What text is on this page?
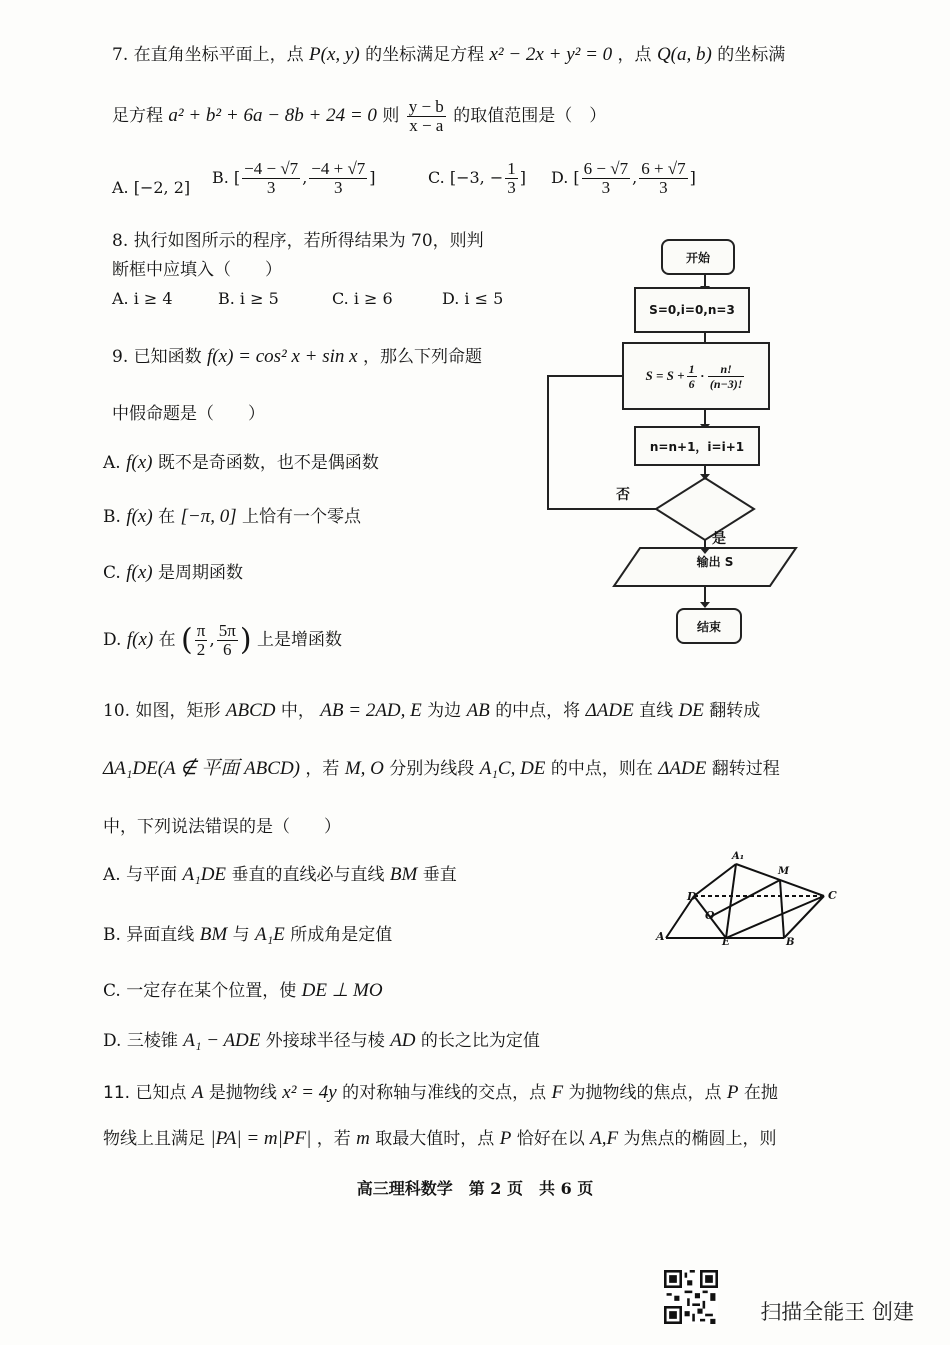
7. 在直角坐标平面上，点 P(x, y) 的坐标满足方程 x² − 2x + y² = 0 ，点 Q(a, b) 的坐标满
足方程 a² + b² + 6a − 8b + 24 = 0 则 $\frac{y - b}{x - a}$ 的取值范围是（　）
A. [−2, 2]
B. [ $\frac{-4 - √7}{3}$ , $\frac{-4 + √7}{3}$ ]	C. [−3, − $\frac{1}{3}$ ] D. [ $\frac{6 - √7}{3}$ , $\frac{6 + √7}{3}$ ]
8. 执行如图所示的程序，若所得结果为 70，则判
断框中应填入（　　）
A. i ≥ 4	B. i ≥ 5	C. i ≥ 6	D. i ≤ 5
开始
S=0,i=0,n=3
$S = S + \frac{1}{6} \cdot \frac{n!}{(n-3)!}$
n=n+1，i=i+1
否
是
输出 S
结束
9. 已知函数 f(x) = cos² x + sin x ，那么下列命题
中假命题是（　　）
A. f(x) 既不是奇函数，也不是偶函数
B. f(x) 在 [−π, 0] 上恰有一个零点
C. f(x) 是周期函数
D. f(x) 在 ( $\frac{\pi}{2}$ , $\frac{5\pi}{6}$ ) 上是增函数
10. 如图，矩形 ABCD 中， AB = 2AD, E 为边 AB 的中点，将 ΔADE 直线 DE 翻转成
ΔA₁DE(A ∉ 平面 ABCD) ，若 M, O 分别为线段 A₁C, DE 的中点，则在 ΔADE 翻转过程
中，下列说法错误的是（　　）
A. 与平面 A₁DE 垂直的直线必与直线 BM 垂直
B. 异面直线 BM 与 A₁E 所成角是定值
C. 一定存在某个位置，使 DE ⊥ MO
D. 三棱锥 A₁ − ADE 外接球半径与棱 AD 的长之比为定值
A₁
M
D
O
C
A	E	B
11. 已知点 A 是抛物线 x² = 4y 的对称轴与准线的交点，点 F 为抛物线的焦点，点 P 在抛
物线上且满足 |PA| = m|PF| ，若 m 取最大值时，点 P 恰好在以 A,F 为焦点的椭圆上，则
高三理科数学　第 2 页　共 6 页
扫描全能王 创建
